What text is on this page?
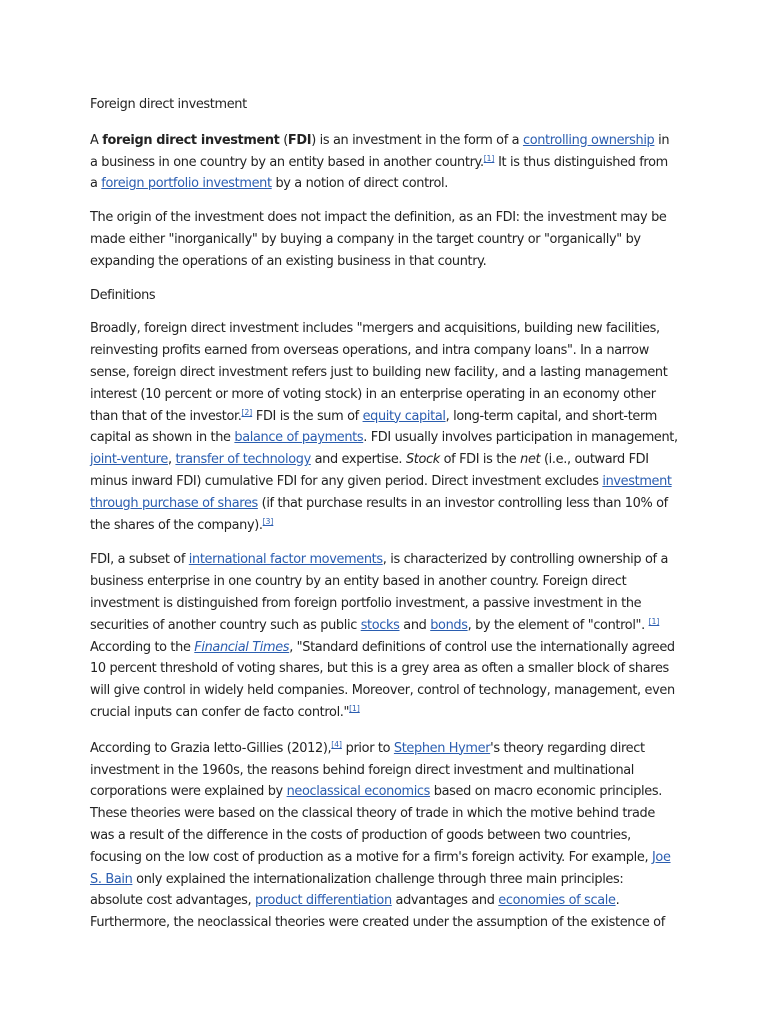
Foreign direct investment

A foreign direct investment (FDI) is an investment in the form of a controlling ownership in a business in one country by an entity based in another country.[1] It is thus distinguished from a foreign portfolio investment by a notion of direct control.

The origin of the investment does not impact the definition, as an FDI: the investment may be made either "inorganically" by buying a company in the target country or "organically" by expanding the operations of an existing business in that country.

Definitions

Broadly, foreign direct investment includes "mergers and acquisitions, building new facilities, reinvesting profits earned from overseas operations, and intra company loans". In a narrow sense, foreign direct investment refers just to building new facility, and a lasting management interest (10 percent or more of voting stock) in an enterprise operating in an economy other than that of the investor.[2] FDI is the sum of equity capital, long-term capital, and short-term capital as shown in the balance of payments. FDI usually involves participation in management, joint-venture, transfer of technology and expertise. Stock of FDI is the net (i.e., outward FDI minus inward FDI) cumulative FDI for any given period. Direct investment excludes investment through purchase of shares (if that purchase results in an investor controlling less than 10% of the shares of the company).[3]

FDI, a subset of international factor movements, is characterized by controlling ownership of a business enterprise in one country by an entity based in another country. Foreign direct investment is distinguished from foreign portfolio investment, a passive investment in the securities of another country such as public stocks and bonds, by the element of "control". [1] According to the Financial Times, "Standard definitions of control use the internationally agreed 10 percent threshold of voting shares, but this is a grey area as often a smaller block of shares will give control in widely held companies. Moreover, control of technology, management, even crucial inputs can confer de facto control."[1]

According to Grazia Ietto-Gillies (2012),[4] prior to Stephen Hymer's theory regarding direct investment in the 1960s, the reasons behind foreign direct investment and multinational corporations were explained by neoclassical economics based on macro economic principles. These theories were based on the classical theory of trade in which the motive behind trade was a result of the difference in the costs of production of goods between two countries, focusing on the low cost of production as a motive for a firm's foreign activity. For example, Joe S. Bain only explained the internationalization challenge through three main principles: absolute cost advantages, product differentiation advantages and economies of scale. Furthermore, the neoclassical theories were created under the assumption of the existence of
